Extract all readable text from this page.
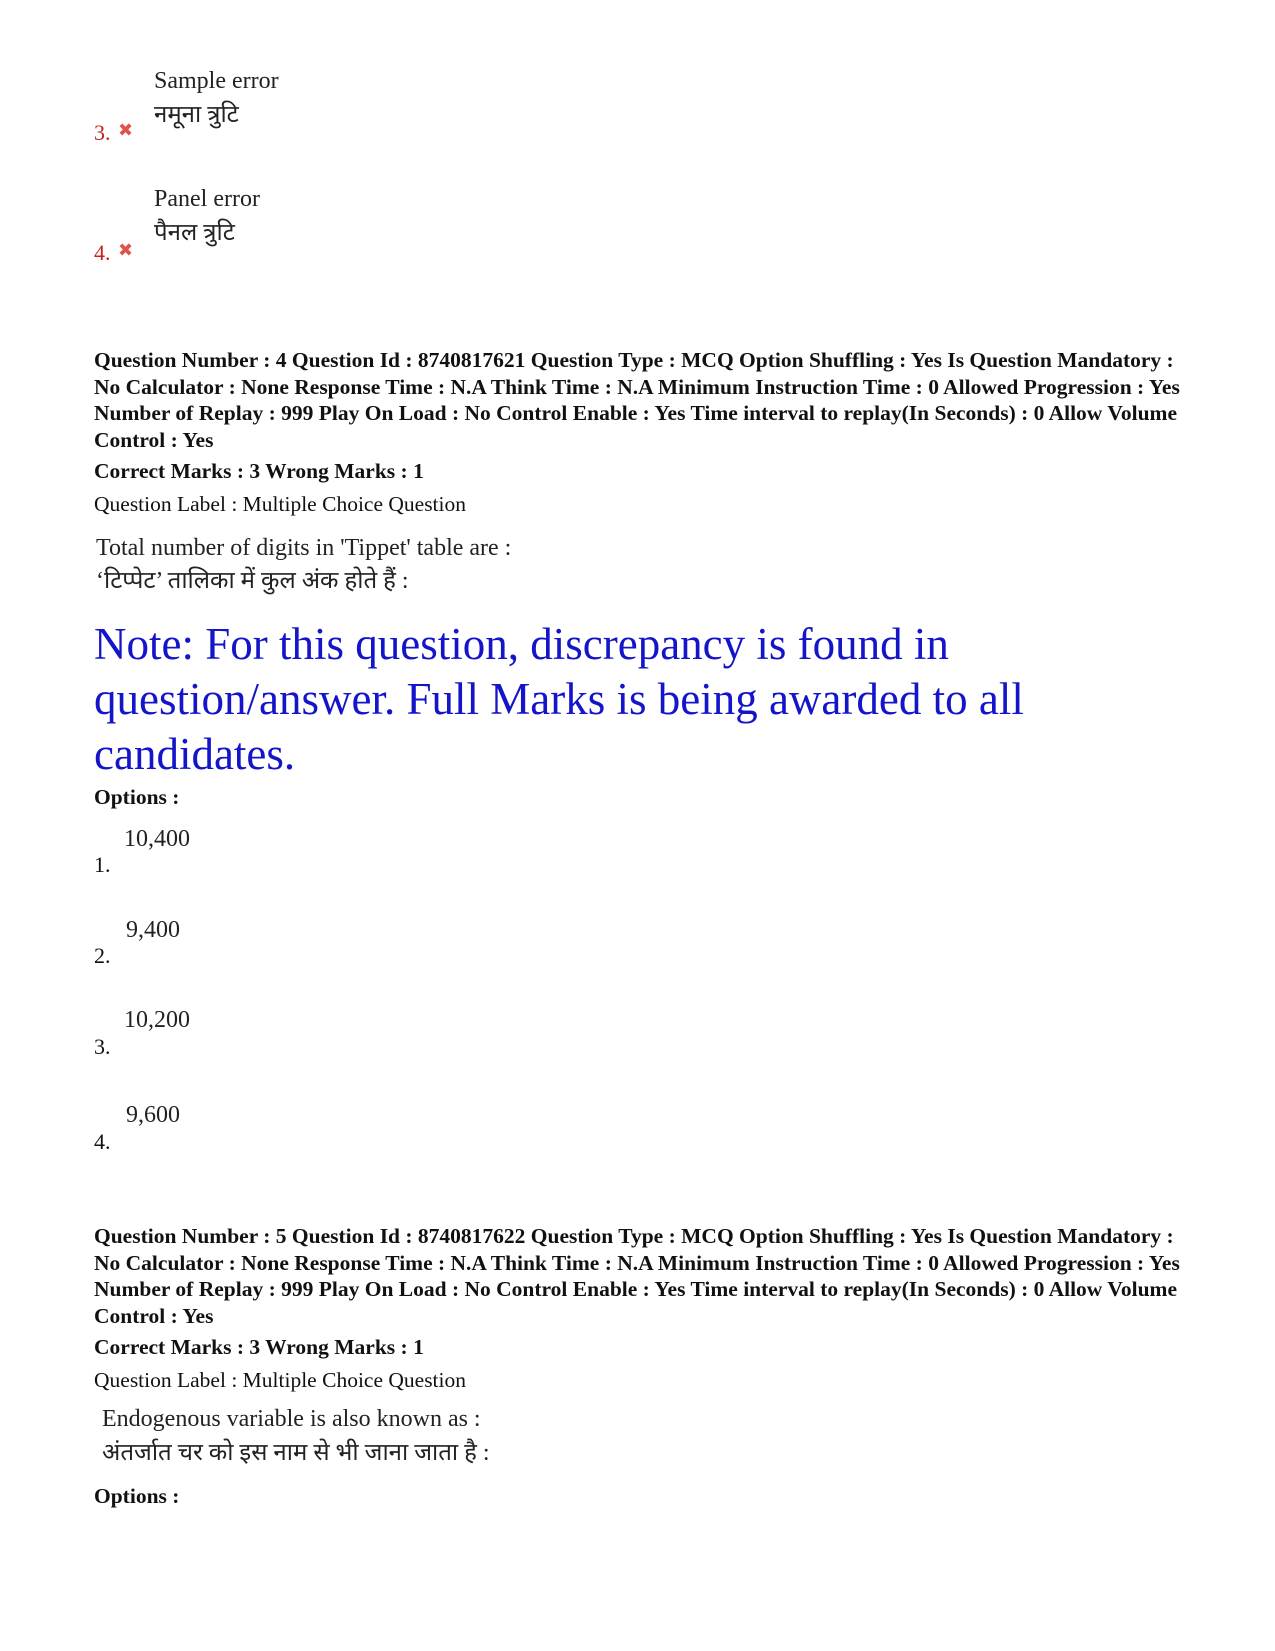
Sample error
नमूना त्रुटि
3. ✖
Panel error
पैनल त्रुटि
4. ✖
Question Number : 4 Question Id : 8740817621 Question Type : MCQ Option Shuffling : Yes Is Question Mandatory : No Calculator : None Response Time : N.A Think Time : N.A Minimum Instruction Time : 0 Allowed Progression : Yes Number of Replay : 999 Play On Load : No Control Enable : Yes Time interval to replay(In Seconds) : 0 Allow Volume Control : Yes
Correct Marks : 3 Wrong Marks : 1
Question Label : Multiple Choice Question
Total number of digits in 'Tippet' table are :
‘टिप्पेट’ तालिका में कुल अंक होते हैं :
Note: For this question, discrepancy is found in question/answer. Full Marks is being awarded to all candidates.
Options :
10,400
1.
9,400
2.
10,200
3.
9,600
4.
Question Number : 5 Question Id : 8740817622 Question Type : MCQ Option Shuffling : Yes Is Question Mandatory : No Calculator : None Response Time : N.A Think Time : N.A Minimum Instruction Time : 0 Allowed Progression : Yes Number of Replay : 999 Play On Load : No Control Enable : Yes Time interval to replay(In Seconds) : 0 Allow Volume Control : Yes
Correct Marks : 3 Wrong Marks : 1
Question Label : Multiple Choice Question
Endogenous variable is also known as :
अंतर्जात चर को इस नाम से भी जाना जाता है :
Options :
